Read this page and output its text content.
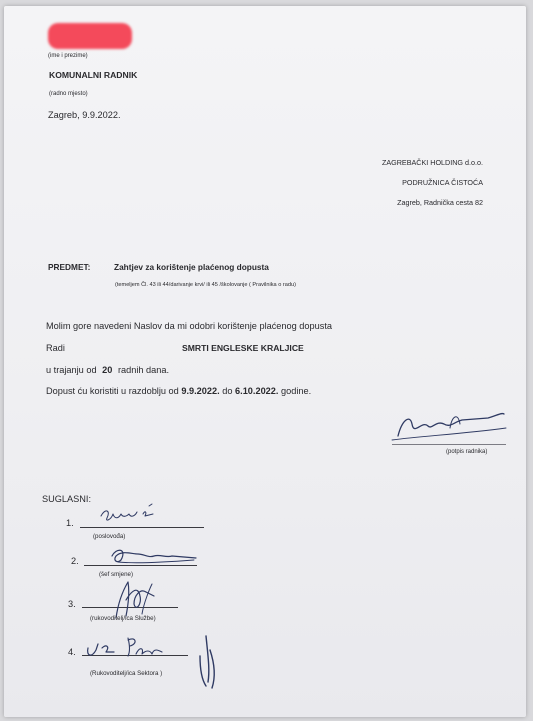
(ime i prezime)
KOMUNALNI RADNIK
(radno mjesto)
Zagreb, 9.9.2022.
ZAGREBAČKI HOLDING d.o.o.
PODRUŽNICA ČISTOĆA
Zagreb, Radnička cesta 82
PREDMET:	Zahtjev za korištenje plaćenog dopusta
(temeljem Čl. 43 ili 44/darivanje krvi/ ili 45 /školovanje ( Pravilnika o radu)
Molim gore navedeni Naslov da mi odobri korištenje plaćenog dopusta
Radi	SMRTI ENGLESKE KRALJICE
u trajanju od 20 radnih dana.
Dopust ću koristiti u razdoblju od 9.9.2022. do 6.10.2022. godine.
(potpis radnika)
SUGLASNI:
1.
(poslovođa)
2.
(šef smjene)
3.
(rukovoditelj/ica Službe)
4.
(Rukovoditelj/ica Sektora )
